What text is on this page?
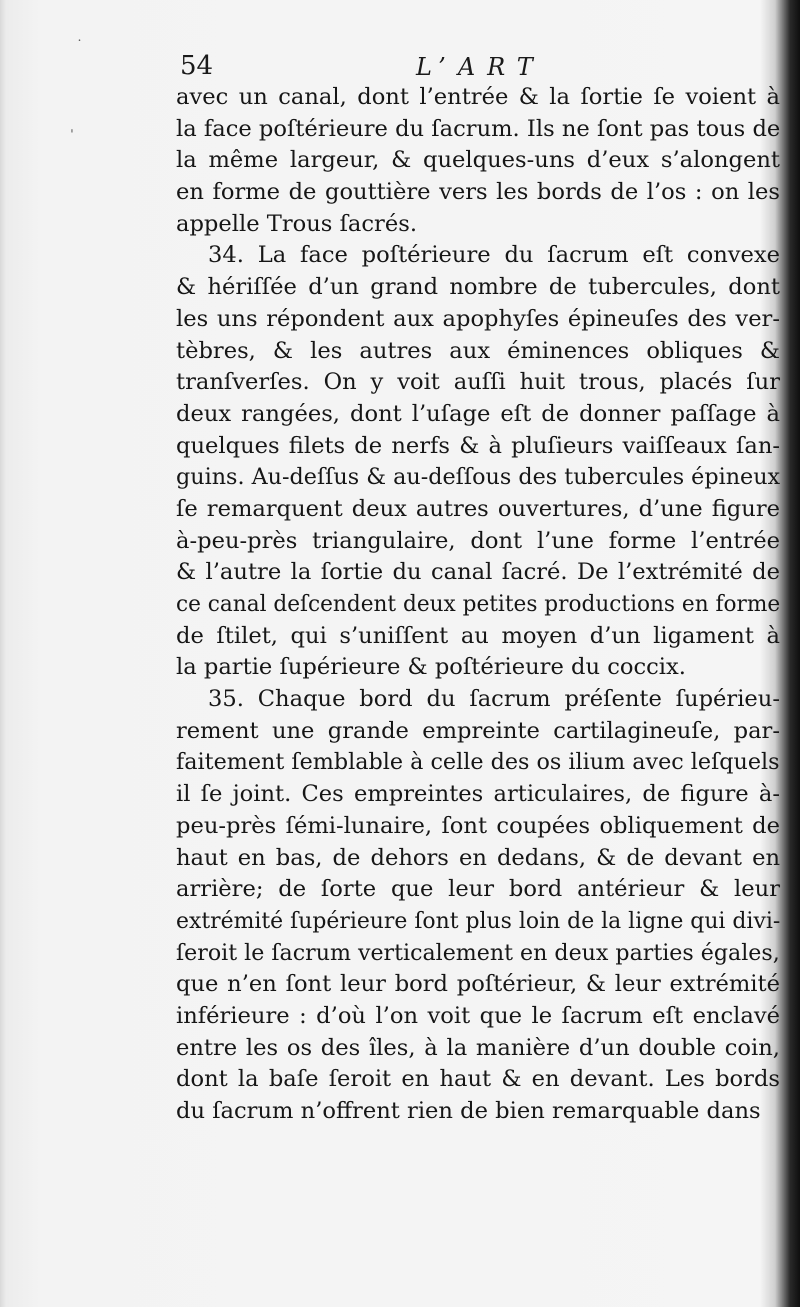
˙
ˈ
54	L’ART
avec un canal, dont l’entrée & la ſortie ſe voient à
la face poſtérieure du ſacrum. Ils ne ſont pas tous de
la même largeur, & quelques-uns d’eux s’alongent
en forme de gouttière vers les bords de l’os : on les
appelle Trous ſacrés.
34. La face poſtérieure du ſacrum eſt convexe
& hériſſée d’un grand nombre de tubercules, dont
les uns répondent aux apophyſes épineuſes des ver-
tèbres, & les autres aux éminences obliques &
tranſverſes. On y voit auſſi huit trous, placés ſur
deux rangées, dont l’uſage eſt de donner paſſage à
quelques filets de nerfs & à pluſieurs vaiſſeaux ſan-
guins. Au-deſſus & au-deſſous des tubercules épineux
ſe remarquent deux autres ouvertures, d’une figure
à-peu-près triangulaire, dont l’une forme l’entrée
& l’autre la ſortie du canal ſacré. De l’extrémité de
ce canal deſcendent deux petites productions en forme
de ſtilet, qui s’uniſſent au moyen d’un ligament à
la partie ſupérieure & poſtérieure du coccix.
35. Chaque bord du ſacrum préſente ſupérieu-
rement une grande empreinte cartilagineuſe, par-
faitement ſemblable à celle des os ilium avec leſquels
il ſe joint. Ces empreintes articulaires, de figure à-
peu-près ſémi-lunaire, ſont coupées obliquement de
haut en bas, de dehors en dedans, & de devant en
arrière; de ſorte que leur bord antérieur & leur
extrémité ſupérieure ſont plus loin de la ligne qui divi-
ſeroit le ſacrum verticalement en deux parties égales,
que n’en ſont leur bord poſtérieur, & leur extrémité
inférieure : d’où l’on voit que le ſacrum eſt enclavé
entre les os des îles, à la manière d’un double coin,
dont la baſe ſeroit en haut & en devant. Les bords
du ſacrum n’offrent rien de bien remarquable dans
